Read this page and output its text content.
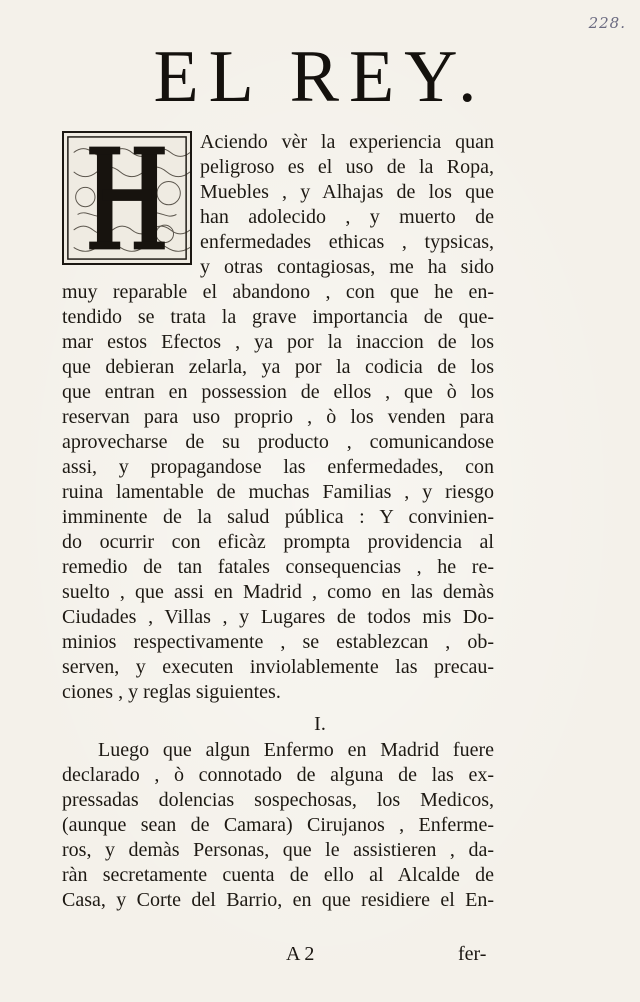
228.
EL REY.
Aciendo vèr la experiencia quan
peligroso es el uso de la Ropa,
Muebles , y Alhajas de los que
han adolecido , y muerto de
enfermedades ethicas , typsicas,
y otras contagiosas, me ha sido
muy reparable el abandono , con que he en-
tendido se trata la grave importancia de que-
mar estos Efectos , ya por la inaccion de los
que debieran zelarla, ya por la codicia de los
que entran en possession de ellos , que ò los
reservan para uso proprio , ò los venden para
aprovecharse de su producto , comunicandose
assi, y propagandose las enfermedades, con
ruina lamentable de muchas Familias , y riesgo
imminente de la salud pública : Y convinien-
do ocurrir con eficàz prompta providencia al
remedio de tan fatales consequencias , he re-
suelto , que assi en Madrid , como en las demàs
Ciudades , Villas , y Lugares de todos mis Do-
minios respectivamente , se establezcan , ob-
serven, y executen inviolablemente las precau-
ciones , y reglas siguientes.
I.
Luego que algun Enfermo en Madrid fuere
declarado , ò connotado de alguna de las ex-
pressadas dolencias sospechosas, los Medicos,
(aunque sean de Camara) Cirujanos , Enferme-
ros, y demàs Personas, que le assistieren , da-
ràn secretamente cuenta de ello al Alcalde de
Casa, y Corte del Barrio, en que residiere el En-
A 2	fer-
